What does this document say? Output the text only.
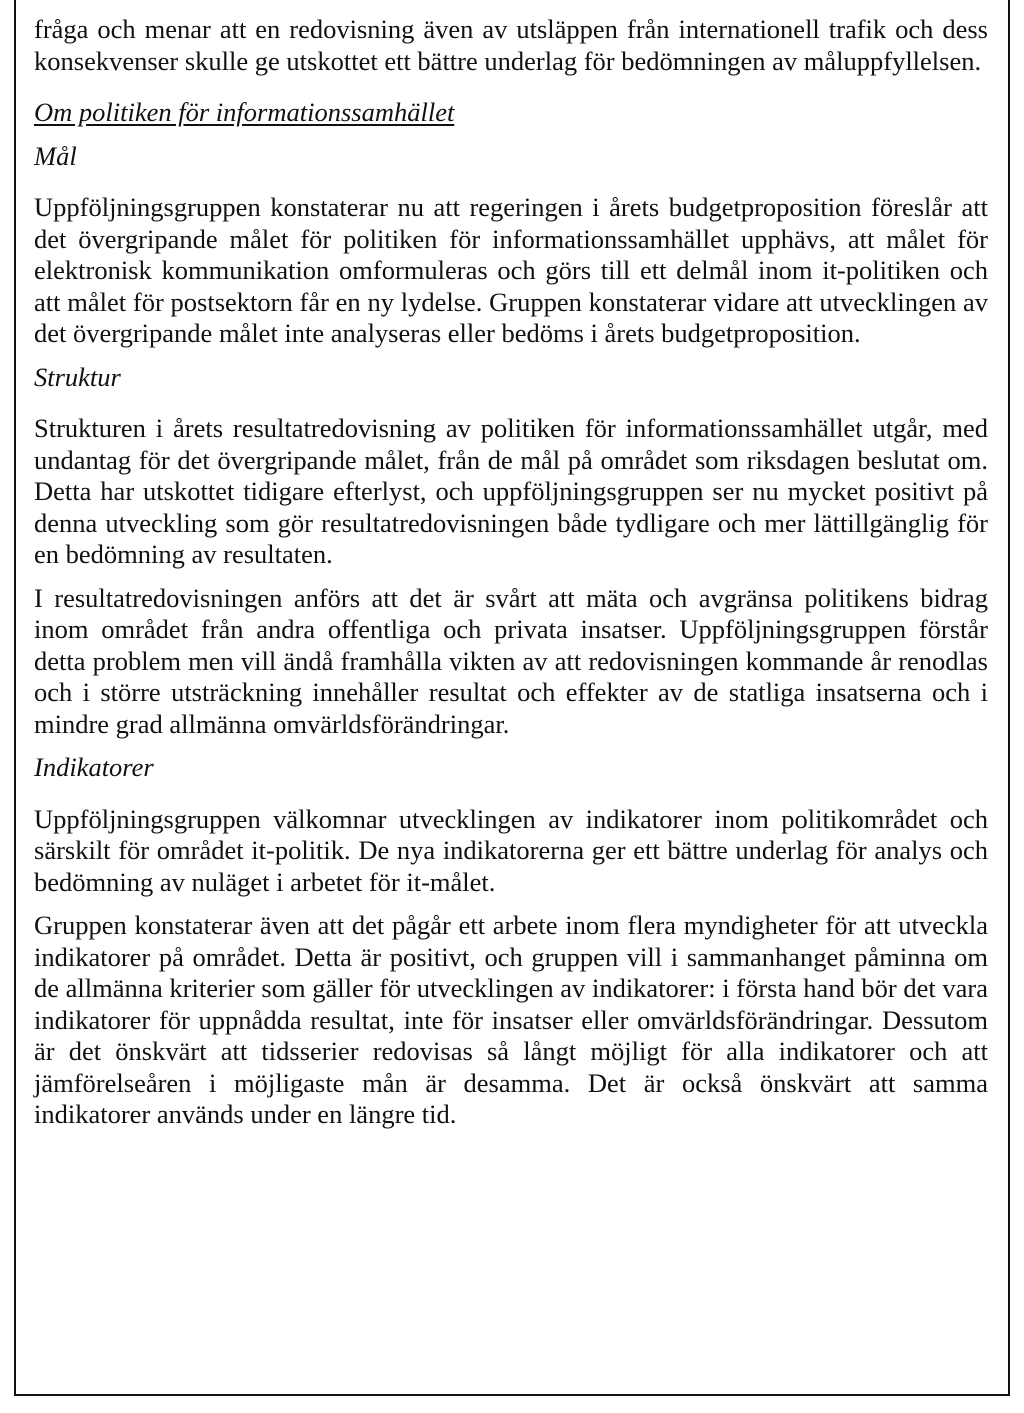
fråga och menar att en redovisning även av utsläppen från internationell trafik och dess konsekvenser skulle ge utskottet ett bättre underlag för bedömningen av måluppfyllelsen.

Om politiken för informationssamhället

Mål

Uppföljningsgruppen konstaterar nu att regeringen i årets budgetproposition föreslår att det övergripande målet för politiken för informationssamhället upphävs, att målet för elektronisk kommunikation omformuleras och görs till ett delmål inom it-politiken och att målet för postsektorn får en ny lydelse. Gruppen konstaterar vidare att utvecklingen av det övergripande målet inte analyseras eller bedöms i årets budgetproposition.

Struktur

Strukturen i årets resultatredovisning av politiken för informationssamhället utgår, med undantag för det övergripande målet, från de mål på området som riksdagen beslutat om. Detta har utskottet tidigare efterlyst, och uppföljningsgruppen ser nu mycket positivt på denna utveckling som gör resultatredovisningen både tydligare och mer lättillgänglig för en bedömning av resultaten.

I resultatredovisningen anförs att det är svårt att mäta och avgränsa politikens bidrag inom området från andra offentliga och privata insatser. Uppföljningsgruppen förstår detta problem men vill ändå framhålla vikten av att redovisningen kommande år renodlas och i större utsträckning innehåller resultat och effekter av de statliga insatserna och i mindre grad allmänna omvärldsförändringar.

Indikatorer

Uppföljningsgruppen välkomnar utvecklingen av indikatorer inom politikområdet och särskilt för området it-politik. De nya indikatorerna ger ett bättre underlag för analys och bedömning av nuläget i arbetet för it-målet.

Gruppen konstaterar även att det pågår ett arbete inom flera myndigheter för att utveckla indikatorer på området. Detta är positivt, och gruppen vill i sammanhanget påminna om de allmänna kriterier som gäller för utvecklingen av indikatorer: i första hand bör det vara indikatorer för uppnådda resultat, inte för insatser eller omvärldsförändringar. Dessutom är det önskvärt att tidsserier redovisas så långt möjligt för alla indikatorer och att jämförelseåren i möjligaste mån är desamma. Det är också önskvärt att samma indikatorer används under en längre tid.
